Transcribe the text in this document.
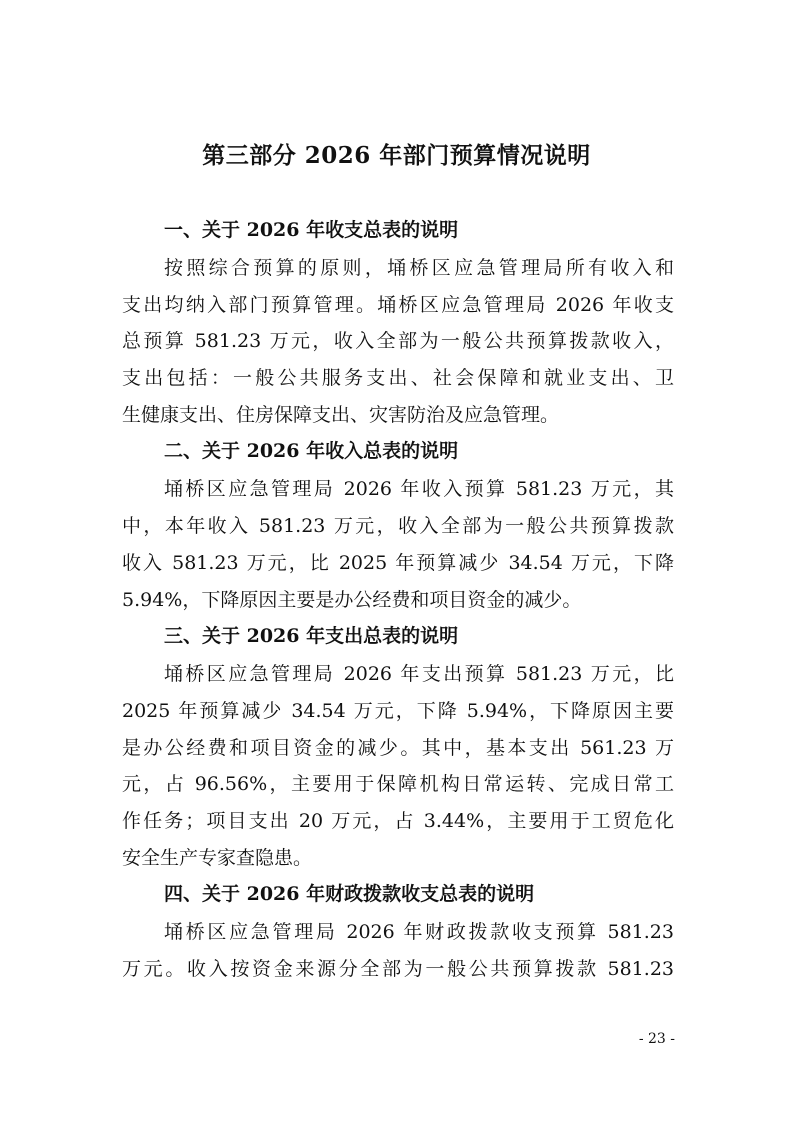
第三部分 2026 年部门预算情况说明
一、关于 2026 年收支总表的说明
按照综合预算的原则，埇桥区应急管理局所有收入和
支出均纳入部门预算管理。埇桥区应急管理局 2026 年收支
总预算 581.23 万元，收入全部为一般公共预算拨款收入，
支出包括：一般公共服务支出、社会保障和就业支出、卫
生健康支出、住房保障支出、灾害防治及应急管理。
二、关于 2026 年收入总表的说明
埇桥区应急管理局 2026 年收入预算 581.23 万元，其
中，本年收入 581.23 万元，收入全部为一般公共预算拨款
收入 581.23 万元，比 2025 年预算减少 34.54 万元，下降
5.94%，下降原因主要是办公经费和项目资金的减少。
三、关于 2026 年支出总表的说明
埇桥区应急管理局 2026 年支出预算 581.23 万元，比
2025 年预算减少 34.54 万元，下降 5.94%，下降原因主要
是办公经费和项目资金的减少。其中，基本支出 561.23 万
元，占 96.56%，主要用于保障机构日常运转、完成日常工
作任务；项目支出 20 万元，占 3.44%，主要用于工贸危化
安全生产专家查隐患。
四、关于 2026 年财政拨款收支总表的说明
埇桥区应急管理局 2026 年财政拨款收支预算 581.23
万元。收入按资金来源分全部为一般公共预算拨款 581.23
- 23 -
